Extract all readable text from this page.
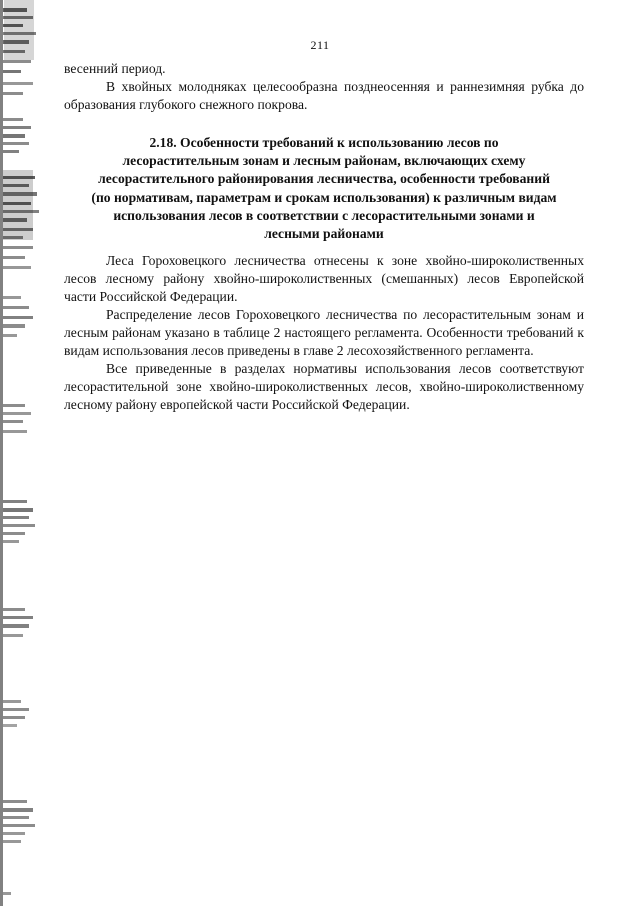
211

весенний период.

В хвойных молодняках целесообразна позднеосенняя и раннезимняя рубка до образования глубокого снежного покрова.

2.18. Особенности требований к использованию лесов по
лесорастительным зонам и лесным районам, включающих схему
лесорастительного районирования лесничества, особенности требований
(по нормативам, параметрам и срокам использования) к различным видам
использования лесов в соответствии с лесорастительными зонами и
лесными районами

Леса Гороховецкого лесничества отнесены к зоне хвойно-широколиственных лесов лесному району хвойно-широколиственных (смешанных) лесов Европейской части Российской Федерации.

Распределение лесов Гороховецкого лесничества по лесорастительным зонам и лесным районам указано в таблице 2 настоящего регламента. Особенности требований к видам использования лесов приведены в главе 2 лесохозяйственного регламента.

Все приведенные в разделах нормативы использования лесов соответствуют лесорастительной зоне хвойно-широколиственных лесов, хвойно-широколиственному лесному району европейской части Российской Федерации.
